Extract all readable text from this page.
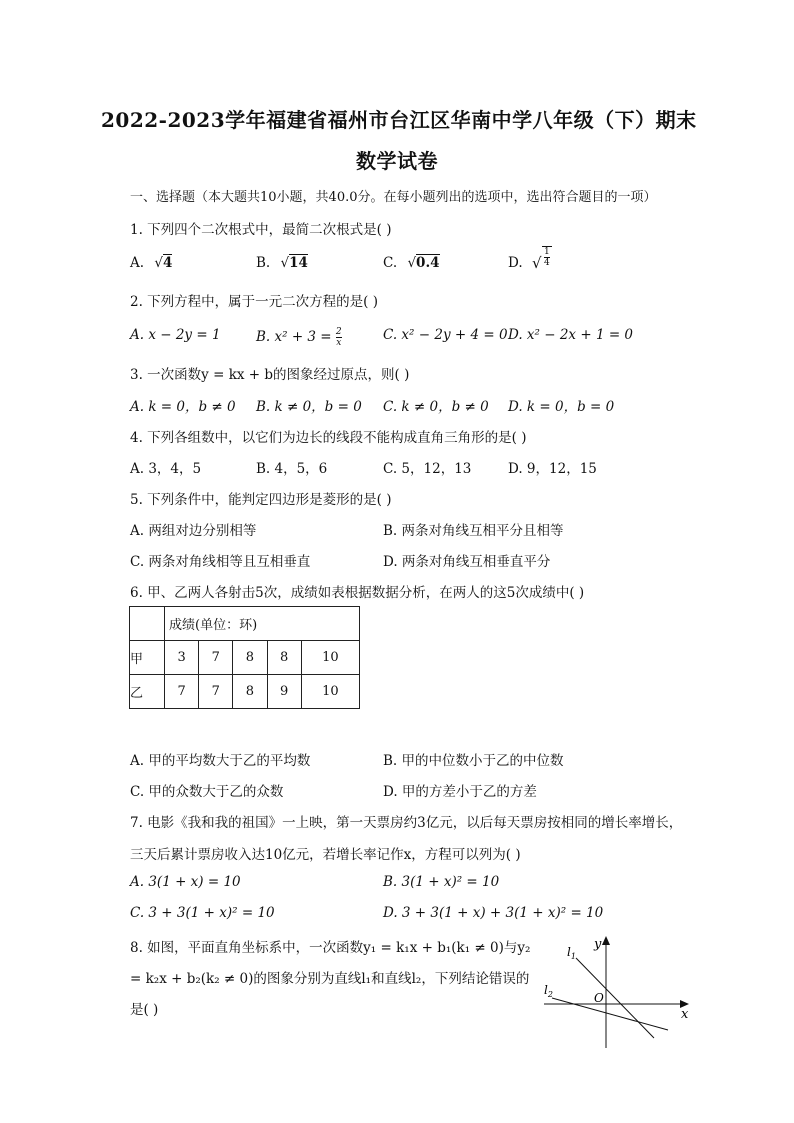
2022-2023学年福建省福州市台江区华南中学八年级（下）期末
数学试卷
一、选择题（本大题共10小题，共40.0分。在每小题列出的选项中，选出符合题目的一项）
1. 下列四个二次根式中，最简二次根式是( )
A. √4	B. √14	C. √0.4	D. √ $\frac{1}{4}$
2. 下列方程中，属于一元二次方程的是( )
A. x − 2y = 1	B. $x^2 + 3 = \frac{2}{x}$	C. x² − 2y + 4 = 0 D. x² − 2x + 1 = 0
3. 一次函数y = kx + b的图象经过原点，则( )
A. k = 0，b ≠ 0 B. k ≠ 0，b = 0 C. k ≠ 0，b ≠ 0 D. k = 0，b = 0
4. 下列各组数中，以它们为边长的线段不能构成直角三角形的是( )
A. 3，4，5	B. 4，5，6	C. 5，12，13	D. 9，12，15
5. 下列条件中，能判定四边形是菱形的是( )
A. 两组对边分别相等	B. 两条对角线互相平分且相等
C. 两条对角线相等且互相垂直	D. 两条对角线互相垂直平分
6. 甲、乙两人各射击5次，成绩如表根据数据分析，在两人的这5次成绩中( )
	成绩(单位：环)				
甲	3	7	8	8	10
乙	7	7	8	9	10
A. 甲的平均数大于乙的平均数	B. 甲的中位数小于乙的中位数
C. 甲的众数大于乙的众数	D. 甲的方差小于乙的方差
7. 电影《我和我的祖国》一上映，第一天票房约3亿元，以后每天票房按相同的增长率增长，
三天后累计票房收入达10亿元，若增长率记作x，方程可以列为( )
A. 3(1 + x) = 10	B. 3(1 + x)² = 10
C. 3 + 3(1 + x)² = 10	D. 3 + 3(1 + x) + 3(1 + x)² = 10
8. 如图，平面直角坐标系中，一次函数y₁ = k₁x + b₁(k₁ ≠ 0)与y₂
= k₂x + b₂(k₂ ≠ 0)的图象分别为直线l₁和直线l₂，下列结论错误的
是( )
y
x
O
$l_1$
$l_2$
